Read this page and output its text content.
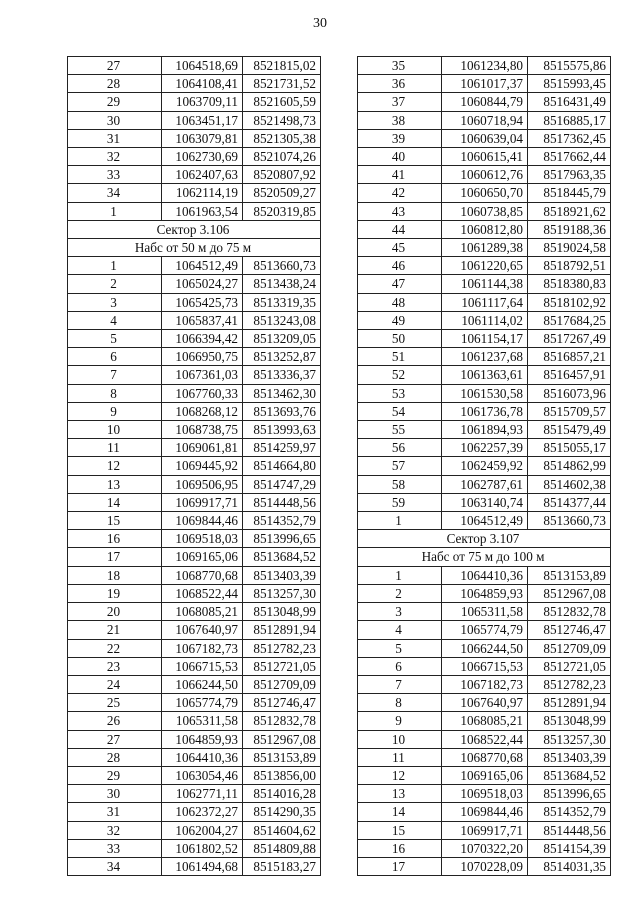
30
27	1064518,69	8521815,02
28	1064108,41	8521731,52
29	1063709,11	8521605,59
30	1063451,17	8521498,73
31	1063079,81	8521305,38
32	1062730,69	8521074,26
33	1062407,63	8520807,92
34	1062114,19	8520509,27
1	1061963,54	8520319,85
Сектор 3.106		
Набс от 50 м до 75 м		
1	1064512,49	8513660,73
2	1065024,27	8513438,24
3	1065425,73	8513319,35
4	1065837,41	8513243,08
5	1066394,42	8513209,05
6	1066950,75	8513252,87
7	1067361,03	8513336,37
8	1067760,33	8513462,30
9	1068268,12	8513693,76
10	1068738,75	8513993,63
11	1069061,81	8514259,97
12	1069445,92	8514664,80
13	1069506,95	8514747,29
14	1069917,71	8514448,56
15	1069844,46	8514352,79
16	1069518,03	8513996,65
17	1069165,06	8513684,52
18	1068770,68	8513403,39
19	1068522,44	8513257,30
20	1068085,21	8513048,99
21	1067640,97	8512891,94
22	1067182,73	8512782,23
23	1066715,53	8512721,05
24	1066244,50	8512709,09
25	1065774,79	8512746,47
26	1065311,58	8512832,78
27	1064859,93	8512967,08
28	1064410,36	8513153,89
29	1063054,46	8513856,00
30	1062771,11	8514016,28
31	1062372,27	8514290,35
32	1062004,27	8514604,62
33	1061802,52	8514809,88
34	1061494,68	8515183,27
35	1061234,80	8515575,86
36	1061017,37	8515993,45
37	1060844,79	8516431,49
38	1060718,94	8516885,17
39	1060639,04	8517362,45
40	1060615,41	8517662,44
41	1060612,76	8517963,35
42	1060650,70	8518445,79
43	1060738,85	8518921,62
44	1060812,80	8519188,36
45	1061289,38	8519024,58
46	1061220,65	8518792,51
47	1061144,38	8518380,83
48	1061117,64	8518102,92
49	1061114,02	8517684,25
50	1061154,17	8517267,49
51	1061237,68	8516857,21
52	1061363,61	8516457,91
53	1061530,58	8516073,96
54	1061736,78	8515709,57
55	1061894,93	8515479,49
56	1062257,39	8515055,17
57	1062459,92	8514862,99
58	1062787,61	8514602,38
59	1063140,74	8514377,44
1	1064512,49	8513660,73
Сектор 3.107		
Набс от 75 м до 100 м		
1	1064410,36	8513153,89
2	1064859,93	8512967,08
3	1065311,58	8512832,78
4	1065774,79	8512746,47
5	1066244,50	8512709,09
6	1066715,53	8512721,05
7	1067182,73	8512782,23
8	1067640,97	8512891,94
9	1068085,21	8513048,99
10	1068522,44	8513257,30
11	1068770,68	8513403,39
12	1069165,06	8513684,52
13	1069518,03	8513996,65
14	1069844,46	8514352,79
15	1069917,71	8514448,56
16	1070322,20	8514154,39
17	1070228,09	8514031,35
